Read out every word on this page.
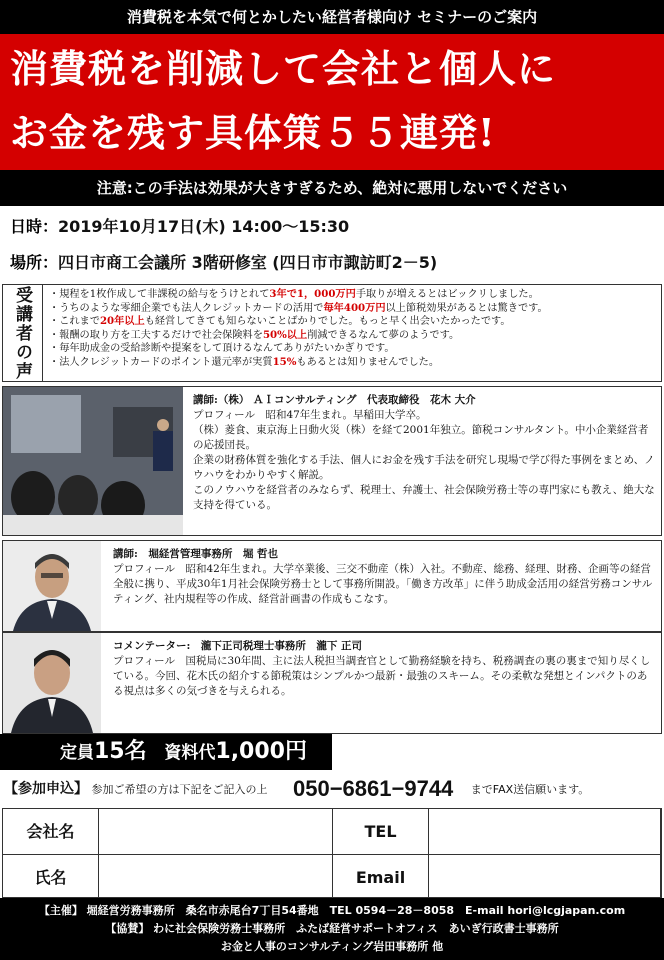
消費税を本気で何とかしたい経営者様向け セミナーのご案内
消費税を削減して会社と個人に
お金を残す具体策５５連発!
注意:この手法は効果が大きすぎるため、絶対に悪用しないでください
日時：2019年10月17日(木) 14:00〜15:30
場所：四日市商工会議所 3階研修室 (四日市市諏訪町2－5)
受講者の声
・	規程を1枚作成して非課税の給与をうけとれて3年で1，000万円手取りが増えるとはビックリしました。
・ うちのような零細企業でも法人クレジットカードの活用で毎年400万円以上節税効果があるとは驚きです。
・ これまで20年以上も経営してきても知らないことばかりでした。もっと早く出会いたかったです。
・ 報酬の取り方を工夫するだけで社会保険料を50%以上削減できるなんて夢のようです。
・ 毎年助成金の受給診断や提案をして頂けるなんてありがたいかぎりです。
・ 法人クレジットカードのポイント還元率が実質15%もあるとは知りませんでした。
講師:（株） ＡＩコンサルティング　代表取締役　花木 大介
プロフィール　昭和47年生まれ。早稲田大学卒。
（株）菱食、東京海上日動火災（株）を経て2001年独立。節税コンサルタント。中小企業経営者の応援団長。
企業の財務体質を強化する手法、個人にお金を残す手法を研究し現場で学び得た事例をまとめ、ノウハウをわかりやすく解説。
このノウハウを経営者のみならず、税理士、弁護士、社会保険労務士等の専門家にも教え、絶大な支持を得ている。
講師:　堀経営管理事務所　堀 哲也
プロフィール　昭和42年生まれ。大学卒業後、三交不動産（株）入社。不動産、総務、経理、財務、企画等の経営全般に携り、平成30年1月社会保険労務士として事務所開設。「働き方改革」に伴う助成金活用の経営労務コンサルティング、社内規程等の作成、経営計画書の作成もこなす。
コメンテーター:　瀧下正司税理士事務所　瀧下 正司
プロフィール　国税局に30年間、主に法人税担当調査官として勤務経験を持ち、税務調査の裏の裏まで知り尽くしている。今回、花木氏の紹介する節税策はシンプルかつ最新・最強のスキーム。その柔軟な発想とインパクトのある視点は多くの気づきを与えられる。
定員15名 資料代1,000円
【参加申込】 参加ご希望の方は下記をご記入の上 050−6861−9744 までFAX送信願います。
会社名	TEL
氏名	Email
【主催】 堀経営労務事務所　桑名市赤尾台7丁目54番地　TEL 0594－28－8058　E-mail hori@lcgjapan.com
【協賛】 わに社会保険労務士事務所　ふたば経営サポートオフィス　あいぎ行政書士事務所
お金と人事のコンサルティング岩田事務所 他
